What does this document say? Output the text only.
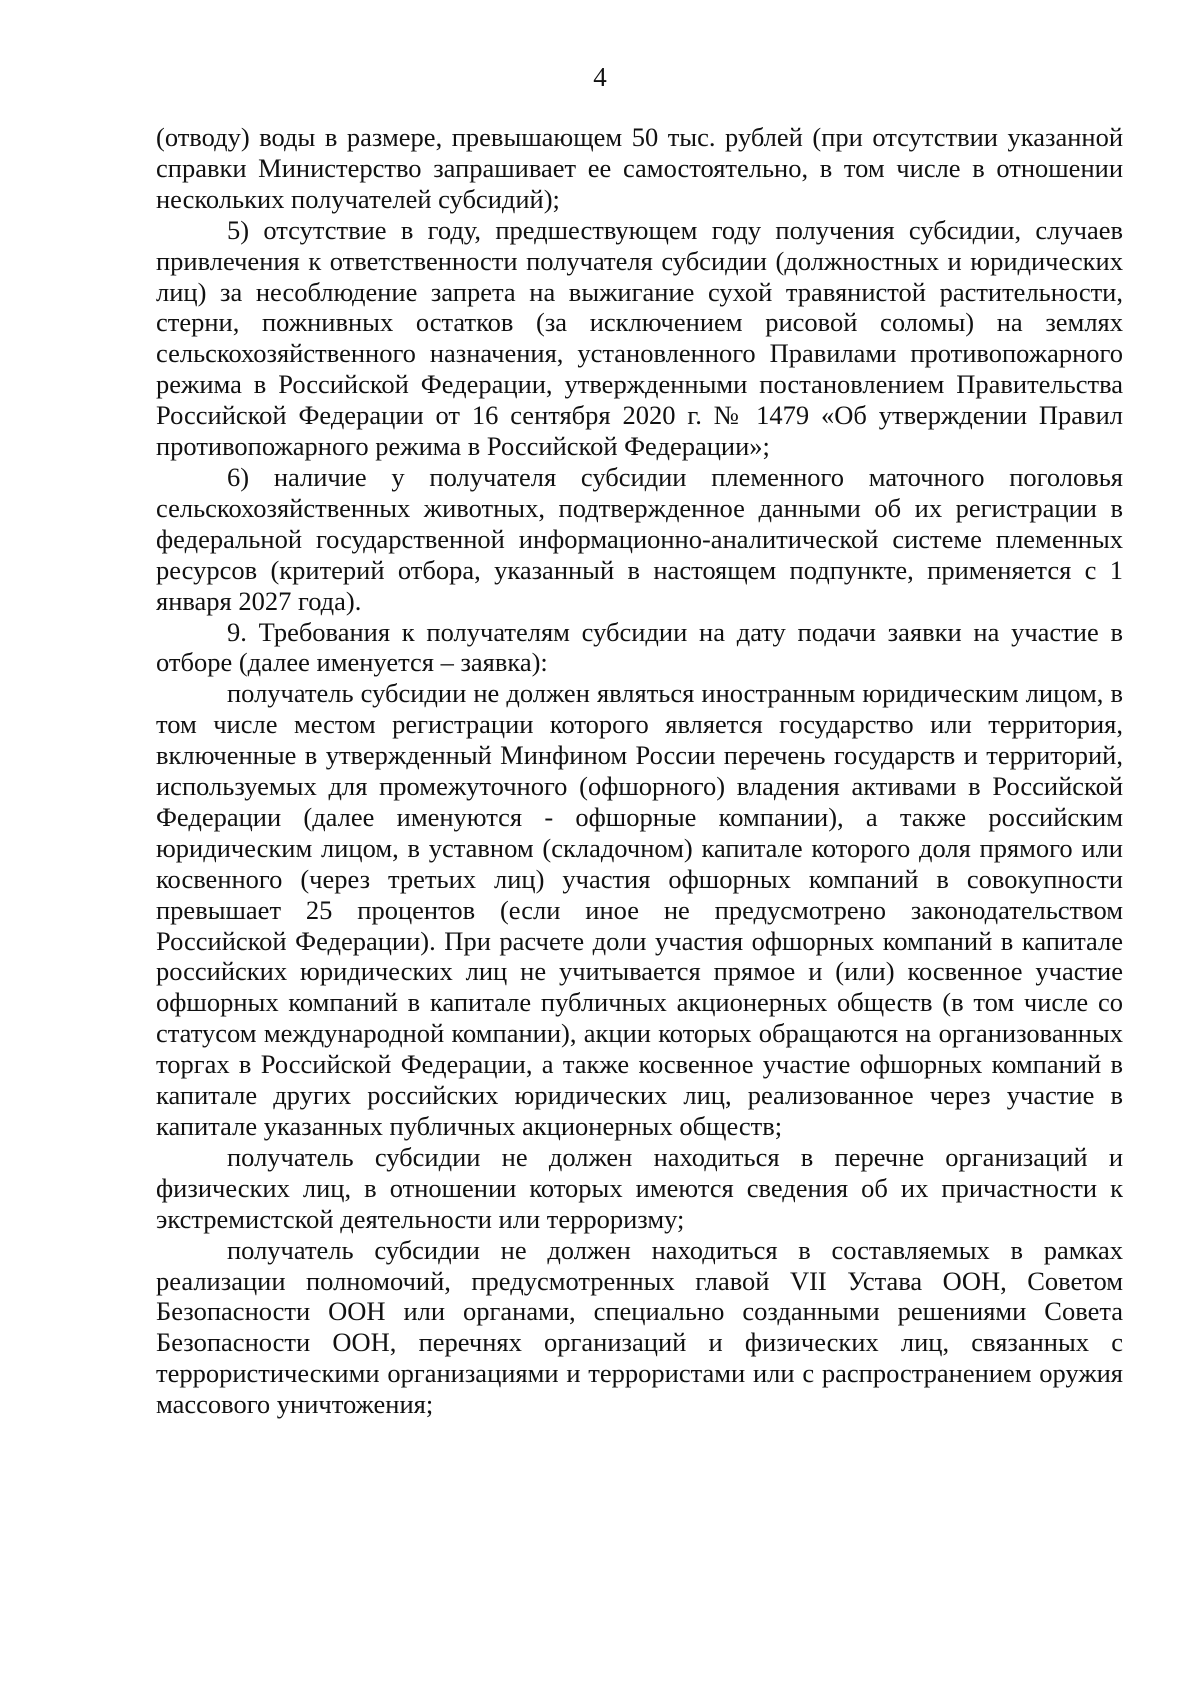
4

(отводу) воды в размере, превышающем 50 тыс. рублей (при отсутствии указанной справки Министерство запрашивает ее самостоятельно, в том числе в отношении нескольких получателей субсидий);

5) отсутствие в году, предшествующем году получения субсидии, случаев привлечения к ответственности получателя субсидии (должностных и юридических лиц) за несоблюдение запрета на выжигание сухой травянистой растительности, стерни, пожнивных остатков (за исключением рисовой соломы) на землях сельскохозяйственного назначения, установленного Правилами противопожарного режима в Российской Федерации, утвержденными постановлением Правительства Российской Федерации от 16 сентября 2020 г. № 1479 «Об утверждении Правил противопожарного режима в Российской Федерации»;

6) наличие у получателя субсидии племенного маточного поголовья сельскохозяйственных животных, подтвержденное данными об их регистрации в федеральной государственной информационно-аналитической системе племенных ресурсов (критерий отбора, указанный в настоящем подпункте, применяется с 1 января 2027 года).

9. Требования к получателям субсидии на дату подачи заявки на участие в отборе (далее именуется – заявка):

получатель субсидии не должен являться иностранным юридическим лицом, в том числе местом регистрации которого является государство или территория, включенные в утвержденный Минфином России перечень государств и территорий, используемых для промежуточного (офшорного) владения активами в Российской Федерации (далее именуются - офшорные компании), а также российским юридическим лицом, в уставном (складочном) капитале которого доля прямого или косвенного (через третьих лиц) участия офшорных компаний в совокупности превышает 25 процентов (если иное не предусмотрено законодательством Российской Федерации). При расчете доли участия офшорных компаний в капитале российских юридических лиц не учитывается прямое и (или) косвенное участие офшорных компаний в капитале публичных акционерных обществ (в том числе со статусом международной компании), акции которых обращаются на организованных торгах в Российской Федерации, а также косвенное участие офшорных компаний в капитале других российских юридических лиц, реализованное через участие в капитале указанных публичных акционерных обществ;

получатель субсидии не должен находиться в перечне организаций и физических лиц, в отношении которых имеются сведения об их причастности к экстремистской деятельности или терроризму;

получатель субсидии не должен находиться в составляемых в рамках реализации полномочий, предусмотренных главой VII Устава ООН, Советом Безопасности ООН или органами, специально созданными решениями Совета Безопасности ООН, перечнях организаций и физических лиц, связанных с террористическими организациями и террористами или с распространением оружия массового уничтожения;
